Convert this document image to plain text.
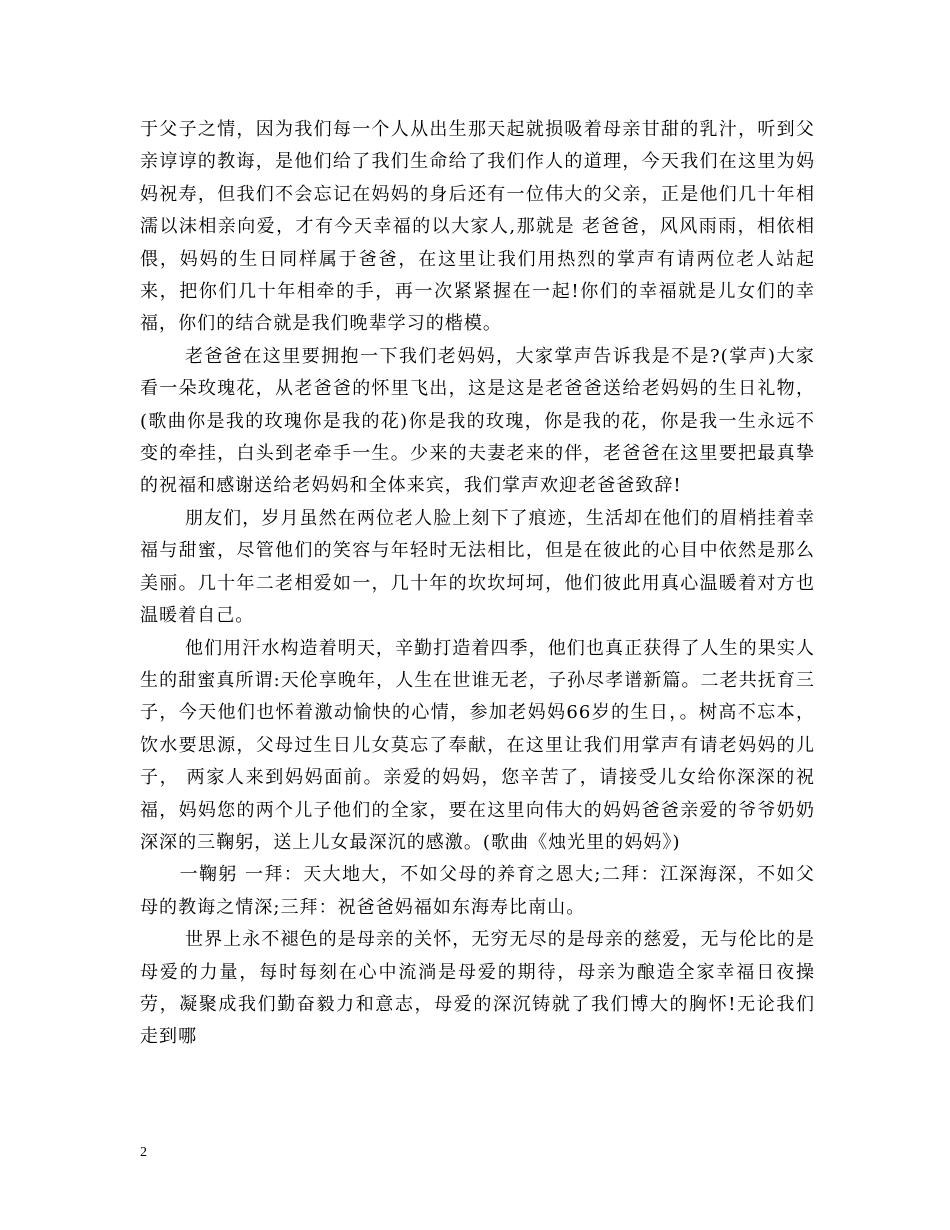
于父子之情，因为我们每一个人从出生那天起就损吸着母亲甘甜的乳汁，听到父亲谆谆的教诲，是他们给了我们生命给了我们作人的道理，今天我们在这里为妈妈祝寿，但我们不会忘记在妈妈的身后还有一位伟大的父亲，正是他们几十年相濡以沫相亲向爱，才有今天幸福的以大家人,那就是 老爸爸，风风雨雨，相依相偎，妈妈的生日同样属于爸爸，在这里让我们用热烈的掌声有请两位老人站起来，把你们几十年相牵的手，再一次紧紧握在一起!你们的幸福就是儿女们的幸福，你们的结合就是我们晚辈学习的楷模。

老爸爸在这里要拥抱一下我们老妈妈，大家掌声告诉我是不是?(掌声)大家看一朵玫瑰花，从老爸爸的怀里飞出，这是这是老爸爸送给老妈妈的生日礼物，(歌曲你是我的玫瑰你是我的花)你是我的玫瑰，你是我的花，你是我一生永远不变的牵挂，白头到老牵手一生。少来的夫妻老来的伴，老爸爸在这里要把最真挚的祝福和感谢送给老妈妈和全体来宾，我们掌声欢迎老爸爸致辞!

朋友们，岁月虽然在两位老人脸上刻下了痕迹，生活却在他们的眉梢挂着幸福与甜蜜，尽管他们的笑容与年轻时无法相比，但是在彼此的心目中依然是那么美丽。几十年二老相爱如一，几十年的坎坎坷坷，他们彼此用真心温暖着对方也温暖着自己。

他们用汗水构造着明天，辛勤打造着四季，他们也真正获得了人生的果实人生的甜蜜真所谓:天伦享晚年，人生在世谁无老，子孙尽孝谱新篇。二老共抚育三子，今天他们也怀着激动愉快的心情，参加老妈妈66岁的生日，。树高不忘本，饮水要思源，父母过生日儿女莫忘了奉献，在这里让我们用掌声有请老妈妈的儿子， 两家人来到妈妈面前。亲爱的妈妈，您辛苦了，请接受儿女给你深深的祝福，妈妈您的两个儿子他们的全家，要在这里向伟大的妈妈爸爸亲爱的爷爷奶奶深深的三鞠躬，送上儿女最深沉的感激。(歌曲《烛光里的妈妈》)

一鞠躬 一拜：天大地大，不如父母的养育之恩大;二拜：江深海深，不如父母的教诲之情深;三拜：祝爸爸妈福如东海寿比南山。

世界上永不褪色的是母亲的关怀，无穷无尽的是母亲的慈爱，无与伦比的是母爱的力量，每时每刻在心中流淌是母爱的期待，母亲为酿造全家幸福日夜操劳，凝聚成我们勤奋毅力和意志，母爱的深沉铸就了我们博大的胸怀!无论我们走到哪

2
